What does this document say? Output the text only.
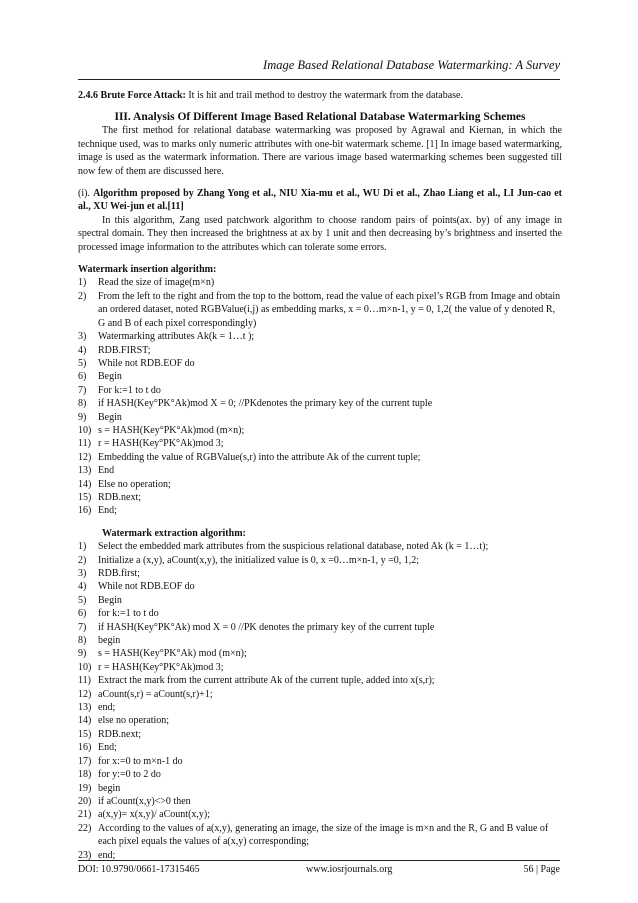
Image Based Relational Database Watermarking: A Survey

2.4.6 Brute Force Attack: It is hit and trail method to destroy the watermark from the database.

III. Analysis Of Different Image Based Relational Database Watermarking Schemes

The first method for relational database watermarking was proposed by Agrawal and Kiernan, in which the technique used, was to marks only numeric attributes with one-bit watermark scheme. [1] In image based watermarking, image is used as the watermark information. There are various image based watermarking schemes been suggested till now few of them are discussed here.

(i). Algorithm proposed by Zhang Yong et al., NIU Xia-mu et al., WU Di et al., Zhao Liang et al., LI Jun-cao et al., XU Wei-jun et al.[11]

In this algorithm, Zang used patchwork algorithm to choose random pairs of points(ax. by) of any image in spectral domain. They then increased the brightness at ax by 1 unit and then decreasing by’s brightness and inserted the processed image information to the attributes which can tolerate some errors.

Watermark insertion algorithm:

1)	Read the size of image(m×n)
2)	From the left to the right and from the top to the bottom, read the value of each pixel’s RGB from Image and obtain an ordered dataset, noted RGBValue(i,j) as embedding marks, x = 0…m×n-1, y = 0, 1,2( the value of y denoted R, G and B of each pixel correspondingly)
3)	Watermarking attributes Ak(k = 1…t );
4)	RDB.FIRST;
5)	While not RDB.EOF do
6)	Begin
7)	For k:=1 to t do
8)	if HASH(Key°PK°Ak)mod X = 0; //PKdenotes the primary key of the current tuple
9)	Begin
10) s = HASH(Key°PK°Ak)mod (m×n);
11) r = HASH(Key°PK°Ak)mod 3;
12) Embedding the value of RGBValue(s,r) into the attribute Ak of the current tuple;
13) End
14) Else no operation;
15) RDB.next;
16) End;

Watermark extraction algorithm:

1)	Select the embedded mark attributes from the suspicious relational database, noted Ak (k = 1…t);
2)	Initialize a (x,y), aCount(x,y), the initialized value is 0, x =0…m×n-1, y =0, 1,2;
3)	RDB.first;
4)	While not RDB.EOF do
5)	Begin
6)	for k:=1 to t do
7)	if HASH(Key°PK°Ak) mod X = 0 //PK denotes the primary key of the current tuple
8)	begin
9)	s = HASH(Key°PK°Ak) mod (m×n);
10) r = HASH(Key°PK°Ak)mod 3;
11) Extract the mark from the current attribute Ak of the current tuple, added into x(s,r);
12) aCount(s,r) = aCount(s,r)+1;
13) end;
14) else no operation;
15) RDB.next;
16) End;
17) for x:=0 to m×n-1 do
18) for y:=0 to 2 do
19) begin
20) if aCount(x,y)<>0 then
21) a(x,y)= x(x,y)/ aCount(x,y);
22) According to the values of a(x,y), generating an image, the size of the image is m×n and the R, G and B value of each pixel equals the values of a(x,y) corresponding;
23) end;
DOI: 10.9790/0661-17315465	www.iosrjournals.org	56 | Page
